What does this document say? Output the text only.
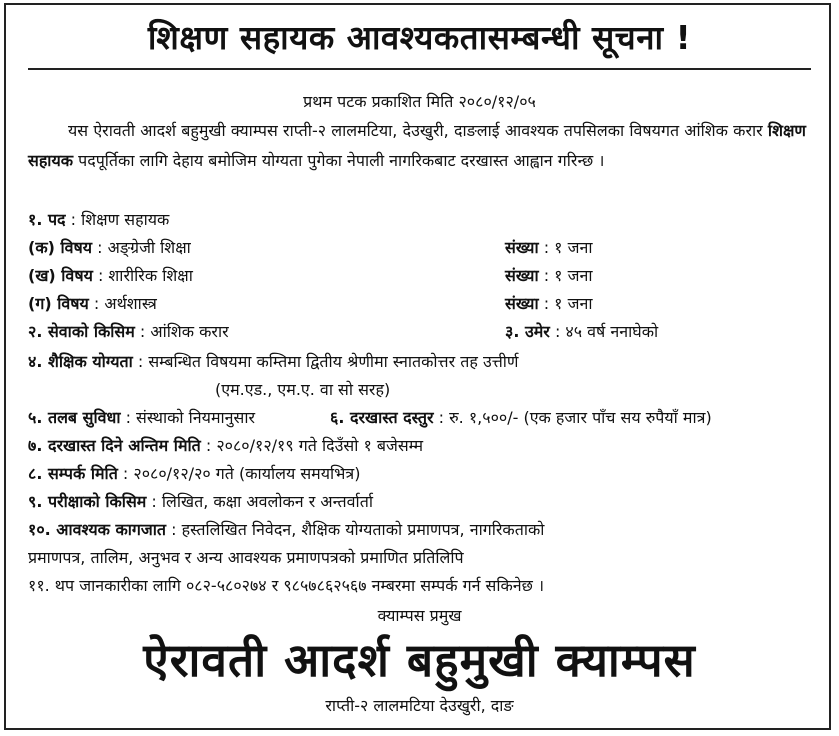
शिक्षण सहायक आवश्यकतासम्बन्धी सूचना !
प्रथम पटक प्रकाशित मिति २०८०/१२/०५
यस ऐरावती आदर्श बहुमुखी क्याम्पस राप्ती-२ लालमटिया, देउखुरी, दाङलाई आवश्यक तपसिलका विषयगत आंशिक करार शिक्षण सहायक पदपूर्तिका लागि देहाय बमोजिम योग्यता पुगेका नेपाली नागरिकबाट दरखास्त आह्वान गरिन्छ ।
१. पद : शिक्षण सहायक
(क) विषय : अङ्ग्रेजी शिक्षा	संख्या : १ जना
(ख) विषय : शारीरिक शिक्षा	संख्या : १ जना
(ग) विषय : अर्थशास्त्र	संख्या : १ जना
२. सेवाको किसिम : आंशिक करार	३. उमेर : ४५ वर्ष ननाघेको
४. शैक्षिक योग्यता : सम्बन्धित विषयमा कम्तिमा द्वितीय श्रेणीमा स्नातकोत्तर तह उत्तीर्ण
(एम.एड., एम.ए. वा सो सरह)
५. तलब सुविधा : संस्थाको नियमानुसार	६. दरखास्त दस्तुर : रु. १,५००/- (एक हजार पाँच सय रुपैयाँ मात्र)
७. दरखास्त दिने अन्तिम मिति : २०८०/१२/१९ गते दिउँसो १ बजेसम्म
८. सम्पर्क मिति : २०८०/१२/२० गते (कार्यालय समयभित्र)
९. परीक्षाको किसिम : लिखित, कक्षा अवलोकन र अन्तर्वार्ता
१०. आवश्यक कागजात : हस्तलिखित निवेदन, शैक्षिक योग्यताको प्रमाणपत्र, नागरिकताको
प्रमाणपत्र, तालिम, अनुभव र अन्य आवश्यक प्रमाणपत्रको प्रमाणित प्रतिलिपि
११. थप जानकारीका लागि ०८२-५८०२७४ र ९८५७८६२५६७ नम्बरमा सम्पर्क गर्न सकिनेछ ।
क्याम्पस प्रमुख
ऐरावती आदर्श बहुमुखी क्याम्पस
राप्ती-२ लालमटिया देउखुरी, दाङ
